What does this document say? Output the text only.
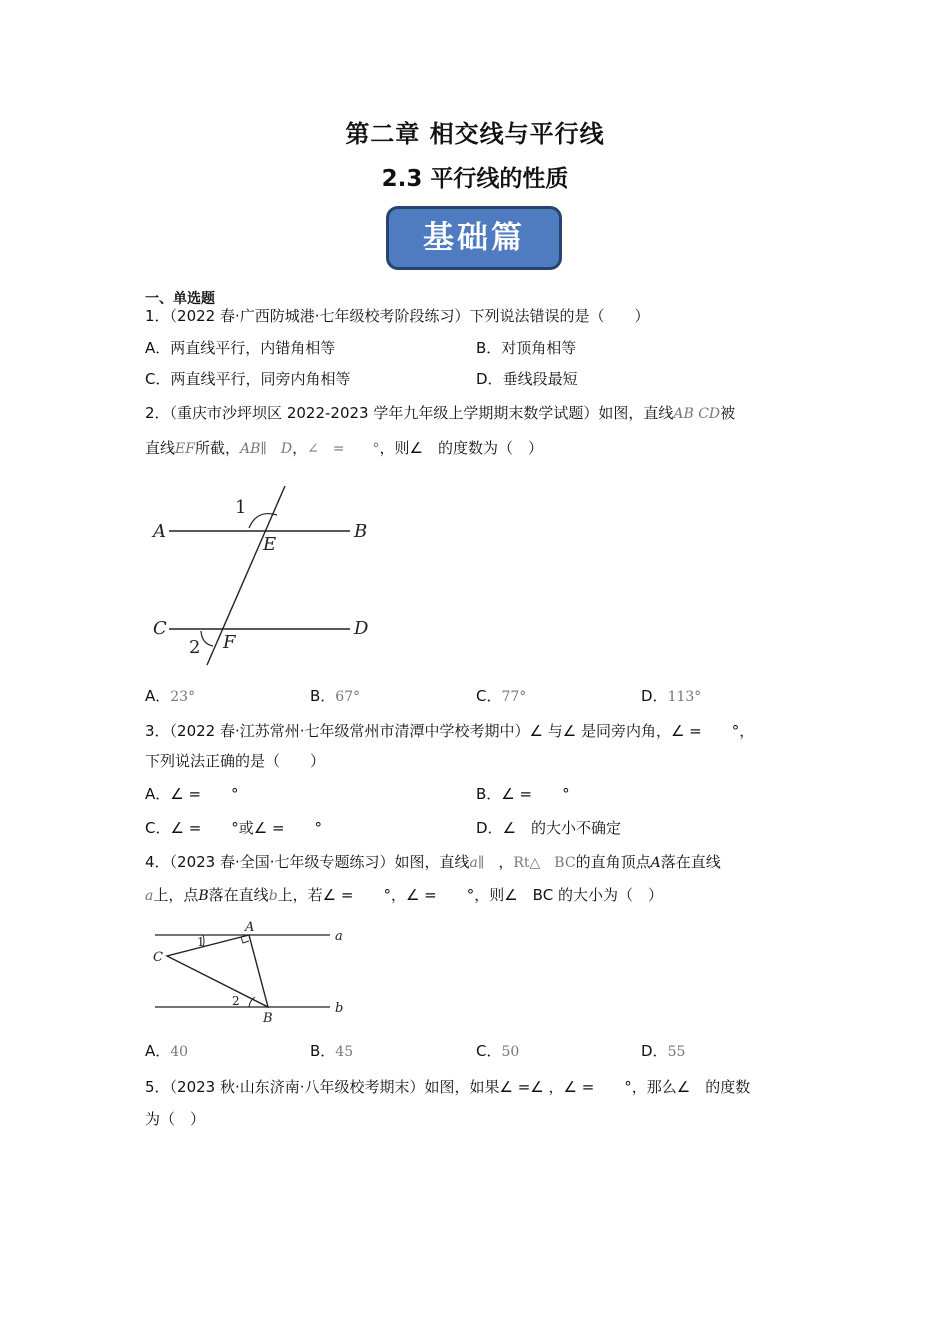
第二章 相交线与平行线
2.3 平行线的性质
基础篇
一、单选题
1．（2022 春·广西防城港·七年级校考阶段练习）下列说法错误的是（　　）
A．两直线平行，内错角相等	B．对顶角相等
C．两直线平行，同旁内角相等	D．垂线段最短
2．（重庆市沙坪坝区 2022-2023 学年九年级上学期期末数学试题）如图，直线AB CD被
直线EF所截，AB∥　D，∠　=　　°，则∠　的度数为（　）
A	B
E
1
C	D
F
2
A．23°	B．67°	C．77°	D．113°
3．（2022 春·江苏常州·七年级常州市清潭中学校考期中）∠ 与∠ 是同旁内角，∠ =　　°，
下列说法正确的是（　　）
A．∠ =　　°	B．∠ =　　°
C．∠ =　　°或∠ =　　°	D．∠　的大小不确定
4．（2023 春·全国·七年级专题练习）如图，直线a∥　，Rt△　BC的直角顶点A落在直线
a上，点B落在直线b上，若∠ =　　°，∠ =　　°，则∠　BC 的大小为（　）
a
b
A
B
C
1
2
A．40	B．45	C．50	D．55
5．（2023 秋·山东济南·八年级校考期末）如图，如果∠ =∠ ，∠ =　　°，那么∠　的度数
为（　）
